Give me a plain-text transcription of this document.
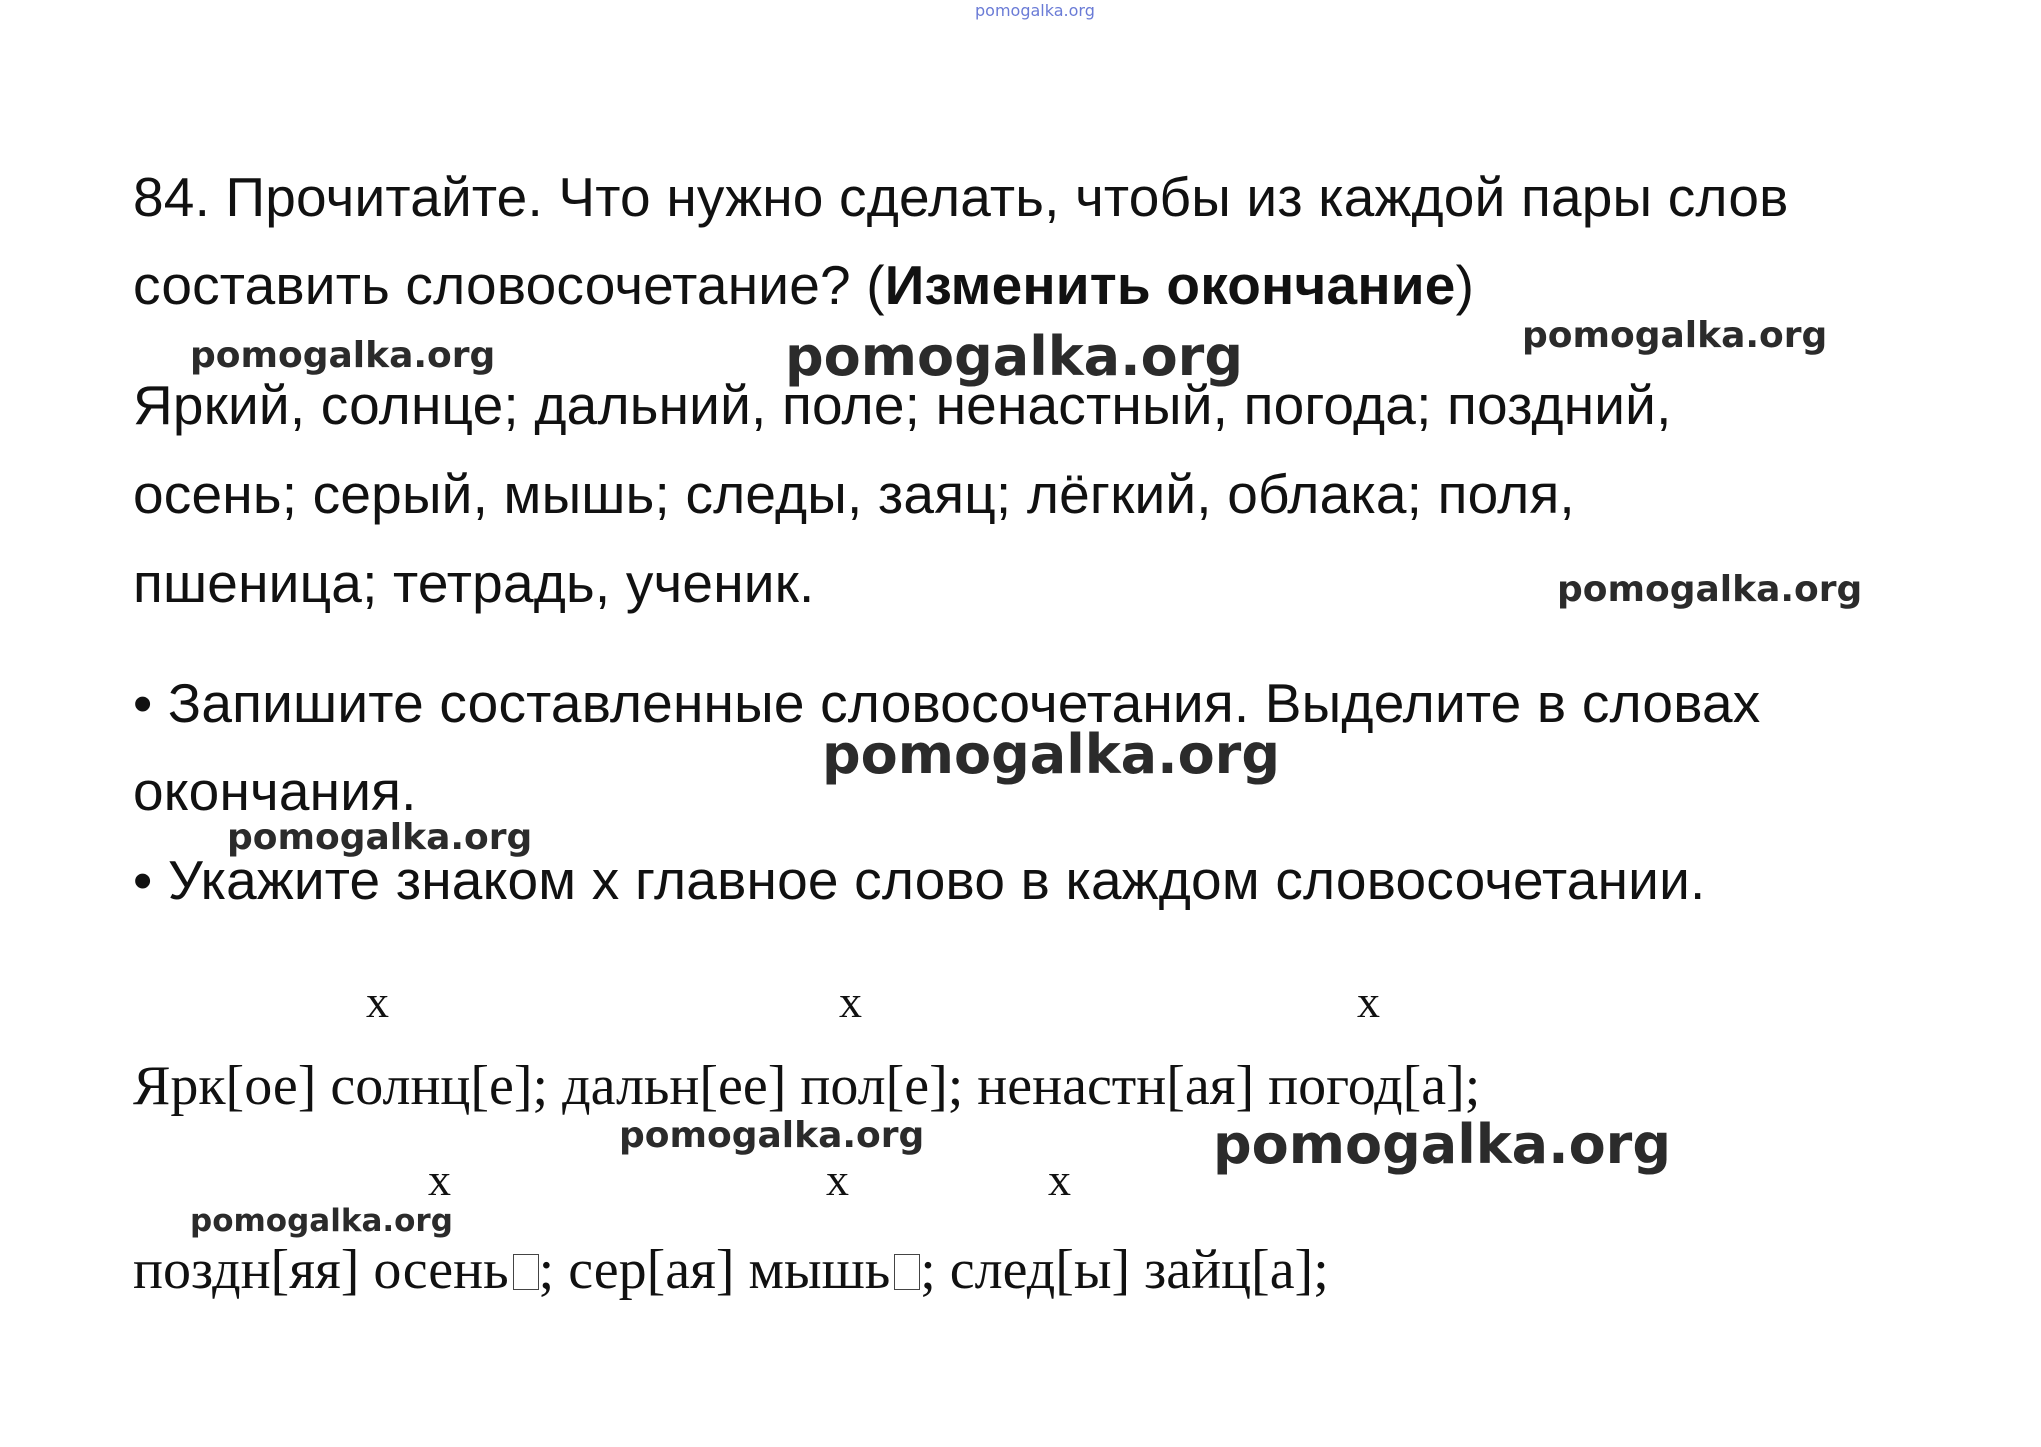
pomogalka.org
84. Прочитайте. Что нужно сделать, чтобы из каждой пары слов
составить словосочетание? (Изменить окончание)
Яркий, солнце; дальний, поле; ненастный, погода; поздний,
осень; серый, мышь; следы, заяц; лёгкий, облака; поля,
пшеница; тетрадь, ученик.
• Запишите составленные словосочетания. Выделите в словах
окончания.
• Укажите знаком х главное слово в каждом словосочетании.
x	x	x
Ярк[ое] солнц[е]; дальн[ее] пол[е]; ненастн[ая] погод[а];
x	x	x
поздн[яя] осень ; сер[ая] мышь ; след[ы] зайц[а];
pomogalka.org	pomogalka.org	pomogalka.org
pomogalka.org
pomogalka.org
pomogalka.org
pomogalka.org	pomogalka.org
pomogalka.org
